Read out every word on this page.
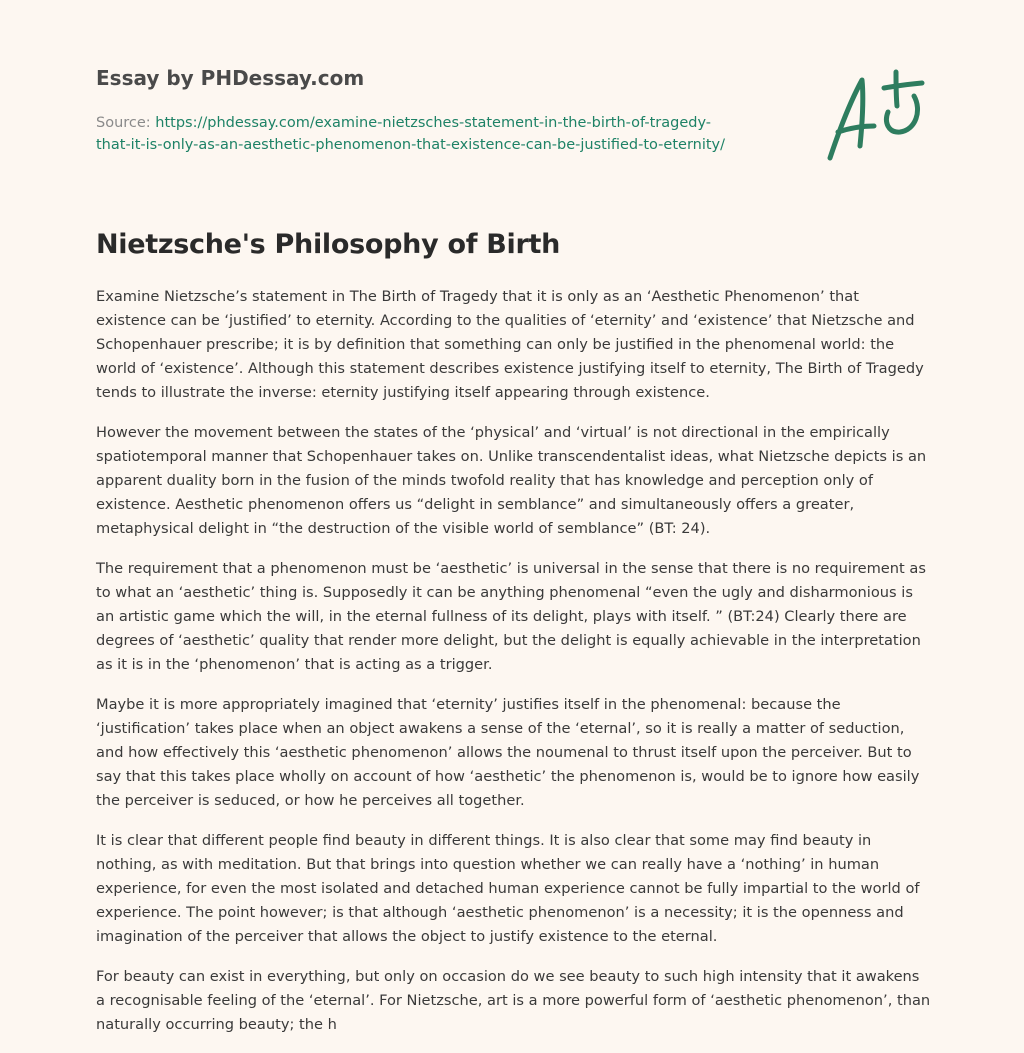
Essay by PHDessay.com
Source: https://phdessay.com/examine-nietzsches-statement-in-the-birth-of-tragedy-
that-it-is-only-as-an-aesthetic-phenomenon-that-existence-can-be-justified-to-eternity/
Nietzsche's Philosophy of Birth

Examine Nietzsche’s statement in The Birth of Tragedy that it is only as an ‘Aesthetic Phenomenon’ that existence can be ‘justified’ to eternity. According to the qualities of ‘eternity’ and ‘existence’ that Nietzsche and Schopenhauer prescribe; it is by definition that something can only be justified in the phenomenal world: the world of ‘existence’. Although this statement describes existence justifying itself to eternity, The Birth of Tragedy tends to illustrate the inverse: eternity justifying itself appearing through existence.

However the movement between the states of the ‘physical’ and ‘virtual’ is not directional in the empirically spatiotemporal manner that Schopenhauer takes on. Unlike transcendentalist ideas, what Nietzsche depicts is an apparent duality born in the fusion of the minds twofold reality that has knowledge and perception only of existence. Aesthetic phenomenon offers us “delight in semblance” and simultaneously offers a greater, metaphysical delight in “the destruction of the visible world of semblance” (BT: 24).

The requirement that a phenomenon must be ‘aesthetic’ is universal in the sense that there is no requirement as to what an ‘aesthetic’ thing is. Supposedly it can be anything phenomenal “even the ugly and disharmonious is an artistic game which the will, in the eternal fullness of its delight, plays with itself. ” (BT:24) Clearly there are degrees of ‘aesthetic’ quality that render more delight, but the delight is equally achievable in the interpretation as it is in the ‘phenomenon’ that is acting as a trigger.

Maybe it is more appropriately imagined that ‘eternity’ justifies itself in the phenomenal: because the ‘justification’ takes place when an object awakens a sense of the ‘eternal’, so it is really a matter of seduction, and how effectively this ‘aesthetic phenomenon’ allows the noumenal to thrust itself upon the perceiver. But to say that this takes place wholly on account of how ‘aesthetic’ the phenomenon is, would be to ignore how easily the perceiver is seduced, or how he perceives all together.

It is clear that different people find beauty in different things. It is also clear that some may find beauty in nothing, as with meditation. But that brings into question whether we can really have a ‘nothing’ in human experience, for even the most isolated and detached human experience cannot be fully impartial to the world of experience. The point however; is that although ‘aesthetic phenomenon’ is a necessity; it is the openness and imagination of the perceiver that allows the object to justify existence to the eternal.

For beauty can exist in everything, but only on occasion do we see beauty to such high intensity that it awakens a recognisable feeling of the ‘eternal’. For Nietzsche, art is a more powerful form of ‘aesthetic phenomenon’, than naturally occurring beauty; the h
